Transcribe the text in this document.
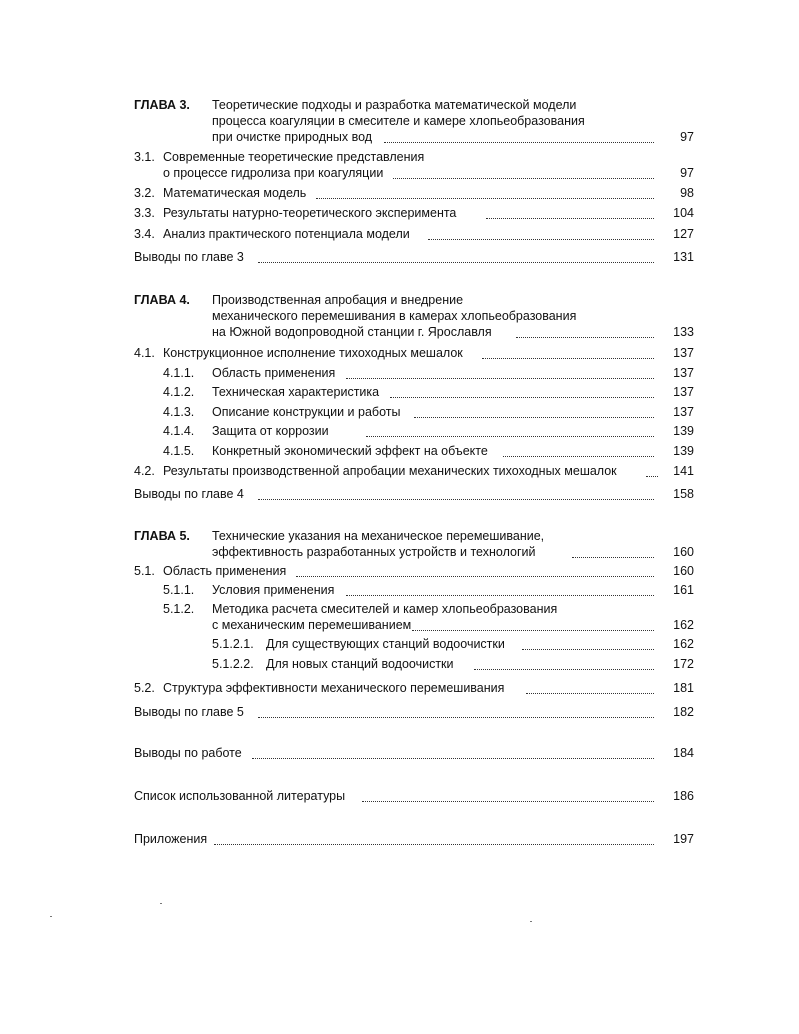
ГЛАВА 3. Теоретические подходы и разработка математической модели
процесса коагуляции в смесителе и камере хлопьеобразования
при очистке природных вод	97
3.1. Современные теоретические представления
о процессе гидролиза при коагуляции	97
3.2. Математическая модель	98
3.3. Результаты натурно-теоретического эксперимента	104
3.4. Анализ практического потенциала модели	127
Выводы по главе 3	131
ГЛАВА 4. Производственная апробация и внедрение
механического перемешивания в камерах хлопьеобразования
на Южной водопроводной станции г. Ярославля	133
4.1. Конструкционное исполнение тихоходных мешалок	137
4.1.1. Область применения	137
4.1.2. Техническая характеристика	137
4.1.3. Описание конструкции и работы	137
4.1.4. Защита от коррозии	139
4.1.5. Конкретный экономический эффект на объекте	139
4.2. Результаты производственной апробации механических тихоходных мешалок	141
Выводы по главе 4	158
ГЛАВА 5. Технические указания на механическое перемешивание,
эффективность разработанных устройств и технологий	160
5.1. Область применения	160
5.1.1. Условия применения	161
5.1.2. Методика расчета смесителей и камер хлопьеобразования
с механическим перемешиванием	162
5.1.2.1. Для существующих станций водоочистки	162
5.1.2.2. Для новых станций водоочистки	172
5.2. Структура эффективности механического перемешивания	181
Выводы по главе 5	182
Выводы по работе	184
Список использованной литературы	186
Приложения	197
